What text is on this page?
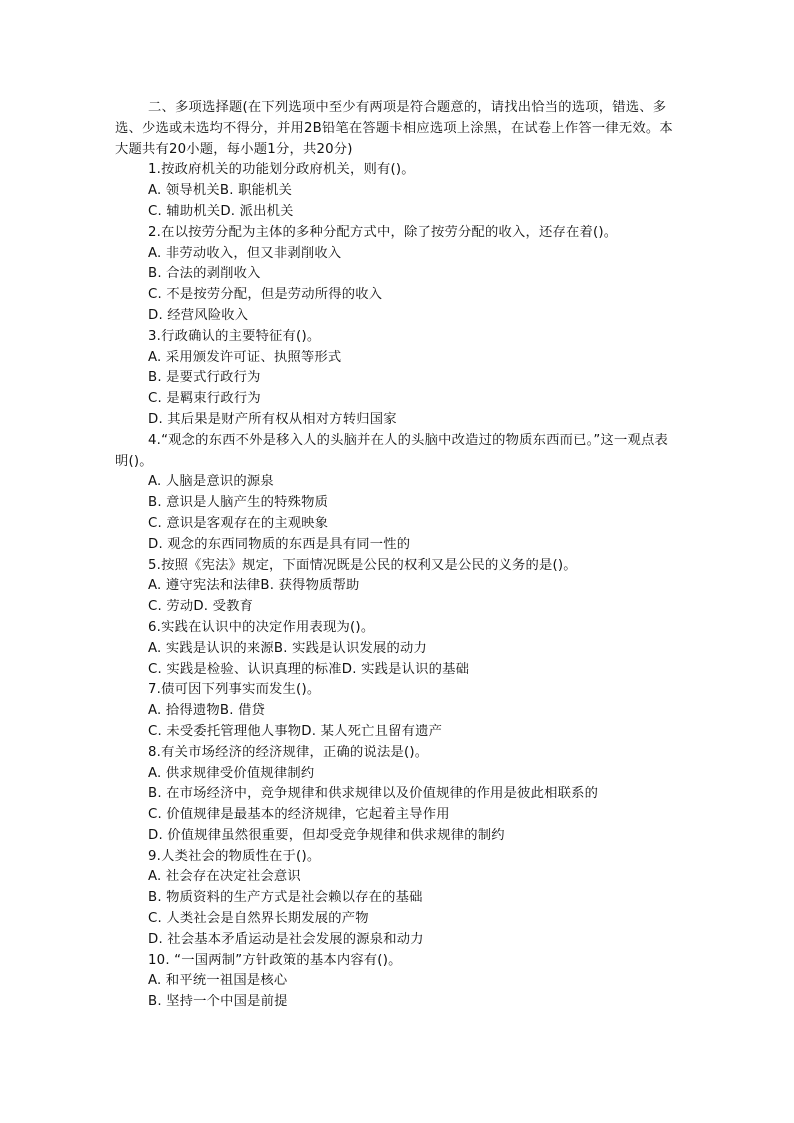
二、多项选择题(在下列选项中至少有两项是符合题意的，请找出恰当的选项，错选、多选、少选或未选均不得分，并用2B铅笔在答题卡相应选项上涂黑，在试卷上作答一律无效。本大题共有20小题，每小题1分，共20分)

1.按政府机关的功能划分政府机关，则有()。
A. 领导机关B. 职能机关
C. 辅助机关D. 派出机关
2.在以按劳分配为主体的多种分配方式中，除了按劳分配的收入，还存在着()。
A. 非劳动收入，但又非剥削收入
B. 合法的剥削收入
C. 不是按劳分配，但是劳动所得的收入
D. 经营风险收入
3.行政确认的主要特征有()。
A. 采用颁发许可证、执照等形式
B. 是要式行政行为
C. 是羁束行政行为
D. 其后果是财产所有权从相对方转归国家

4.“观念的东西不外是移入人的头脑并在人的头脑中改造过的物质东西而已。”这一观点表明()。

A. 人脑是意识的源泉
B. 意识是人脑产生的特殊物质
C. 意识是客观存在的主观映象
D. 观念的东西同物质的东西是具有同一性的
5.按照《宪法》规定，下面情况既是公民的权利又是公民的义务的是()。
A. 遵守宪法和法律B. 获得物质帮助
C. 劳动D. 受教育
6.实践在认识中的决定作用表现为()。
A. 实践是认识的来源B. 实践是认识发展的动力
C. 实践是检验、认识真理的标准D. 实践是认识的基础
7.债可因下列事实而发生()。
A. 拾得遗物B. 借贷
C. 未受委托管理他人事物D. 某人死亡且留有遗产
8.有关市场经济的经济规律，正确的说法是()。
A. 供求规律受价值规律制约
B. 在市场经济中，竞争规律和供求规律以及价值规律的作用是彼此相联系的
C. 价值规律是最基本的经济规律，它起着主导作用
D. 价值规律虽然很重要，但却受竞争规律和供求规律的制约
9.人类社会的物质性在于()。
A. 社会存在决定社会意识
B. 物质资料的生产方式是社会赖以存在的基础
C. 人类社会是自然界长期发展的产物
D. 社会基本矛盾运动是社会发展的源泉和动力
10. “一国两制”方针政策的基本内容有()。
A. 和平统一祖国是核心
B. 坚持一个中国是前提
